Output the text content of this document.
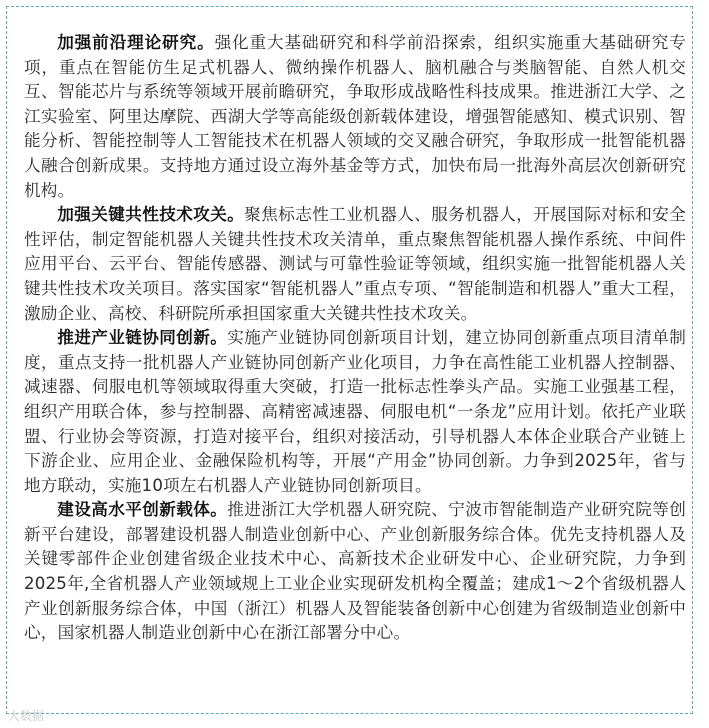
加强前沿理论研究。强化重大基础研究和科学前沿探索，组织实施重大基础研究专项，重点在智能仿生足式机器人、微纳操作机器人、脑机融合与类脑智能、自然人机交互、智能芯片与系统等领域开展前瞻研究，争取形成战略性科技成果。推进浙江大学、之江实验室、阿里达摩院、西湖大学等高能级创新载体建设，增强智能感知、模式识别、智能分析、智能控制等人工智能技术在机器人领域的交叉融合研究，争取形成一批智能机器人融合创新成果。支持地方通过设立海外基金等方式，加快布局一批海外高层次创新研究机构。

加强关键共性技术攻关。聚焦标志性工业机器人、服务机器人，开展国际对标和安全性评估，制定智能机器人关键共性技术攻关清单，重点聚焦智能机器人操作系统、中间件应用平台、云平台、智能传感器、测试与可靠性验证等领域，组织实施一批智能机器人关键共性技术攻关项目。落实国家“智能机器人”重点专项、“智能制造和机器人”重大工程，激励企业、高校、科研院所承担国家重大关键共性技术攻关。

推进产业链协同创新。实施产业链协同创新项目计划，建立协同创新重点项目清单制度，重点支持一批机器人产业链协同创新产业化项目，力争在高性能工业机器人控制器、减速器、伺服电机等领域取得重大突破，打造一批标志性拳头产品。实施工业强基工程，组织产用联合体，参与控制器、高精密减速器、伺服电机“一条龙”应用计划。依托产业联盟、行业协会等资源，打造对接平台，组织对接活动，引导机器人本体企业联合产业链上下游企业、应用企业、金融保险机构等，开展“产用金”协同创新。力争到2025年，省与地方联动，实施10项左右机器人产业链协同创新项目。

建设高水平创新载体。推进浙江大学机器人研究院、宁波市智能制造产业研究院等创新平台建设，部署建设机器人制造业创新中心、产业创新服务综合体。优先支持机器人及关键零部件企业创建省级企业技术中心、高新技术企业研发中心、企业研究院，力争到2025年,全省机器人产业领域规上工业企业实现研发机构全覆盖；建成1～2个省级机器人产业创新服务综合体，中国（浙江）机器人及智能装备创新中心创建为省级制造业创新中心，国家机器人制造业创新中心在浙江部署分中心。

大数据
